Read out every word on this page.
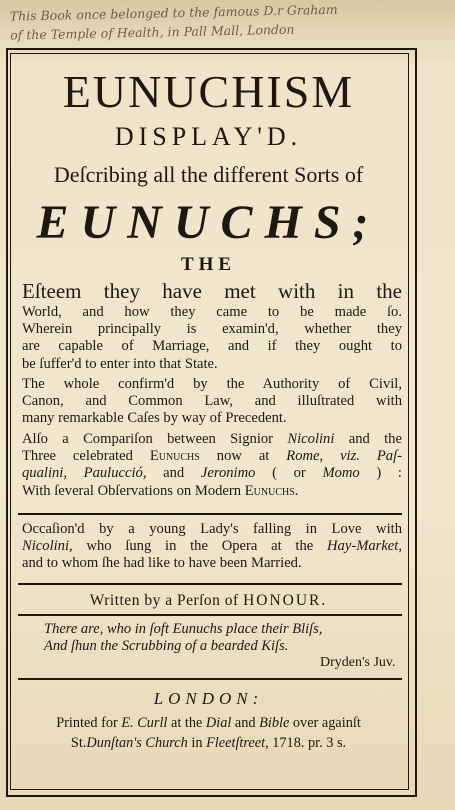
This Book once belonged to the famous D.r Graham
of the Temple of Health, in Pall Mall, London
EUNUCHISM
DISPLAY'D.
Deſcribing all the different Sorts of
EUNUCHS;
THE
Eſteem they have met with in the
World, and how they came to be made ſo.
Wherein principally is examin'd, whether they
are capable of Marriage, and if they ought to
be ſuffer'd to enter into that State.
The whole confirm'd by the Authority of Civil,
Canon, and Common Law, and illuſtrated with
many remarkable Caſes by way of Precedent.
Alſo a Compariſon between Signior Nicolini and the
Three celebrated Eunuchs now at Rome, viz. Paſ-
qualini, Paulucció, and Jeronimo ( or Momo ) :
With ſeveral Obſervations on Modern Eunuchs.
Occaſion'd by a young Lady's falling in Love with
Nicolini, who ſung in the Opera at the Hay-Market,
and to whom ſhe had like to have been Married.
Written by a Perſon of HONOUR.
There are, who in ſoft Eunuchs place their Bliſs,
And ſhun the Scrubbing of a bearded Kiſs.
Dryden's Juv.
LONDON:
Printed for E. Curll at the Dial and Bible over againſt
St.Dunſtan's Church in Fleetſtreet, 1718. pr. 3 s.
